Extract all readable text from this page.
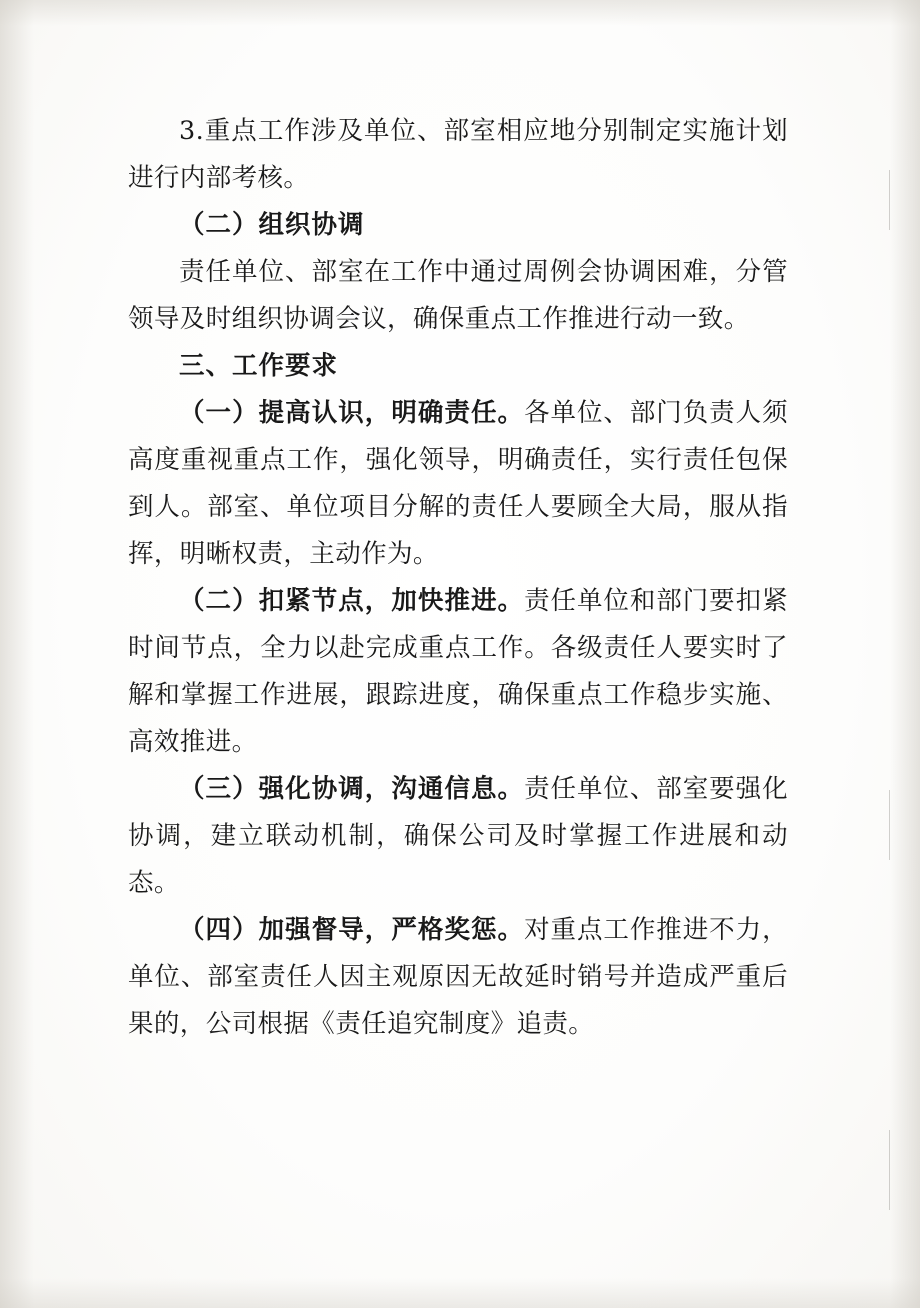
3.重点工作涉及单位、部室相应地分别制定实施计划进行内部考核。

（二）组织协调

责任单位、部室在工作中通过周例会协调困难，分管领导及时组织协调会议，确保重点工作推进行动一致。

三、工作要求

（一）提高认识，明确责任。各单位、部门负责人须高度重视重点工作，强化领导，明确责任，实行责任包保到人。部室、单位项目分解的责任人要顾全大局，服从指挥，明晰权责，主动作为。

（二）扣紧节点，加快推进。责任单位和部门要扣紧时间节点，全力以赴完成重点工作。各级责任人要实时了解和掌握工作进展，跟踪进度，确保重点工作稳步实施、高效推进。

（三）强化协调，沟通信息。责任单位、部室要强化协调，建立联动机制，确保公司及时掌握工作进展和动态。

（四）加强督导，严格奖惩。对重点工作推进不力，单位、部室责任人因主观原因无故延时销号并造成严重后果的，公司根据《责任追究制度》追责。
